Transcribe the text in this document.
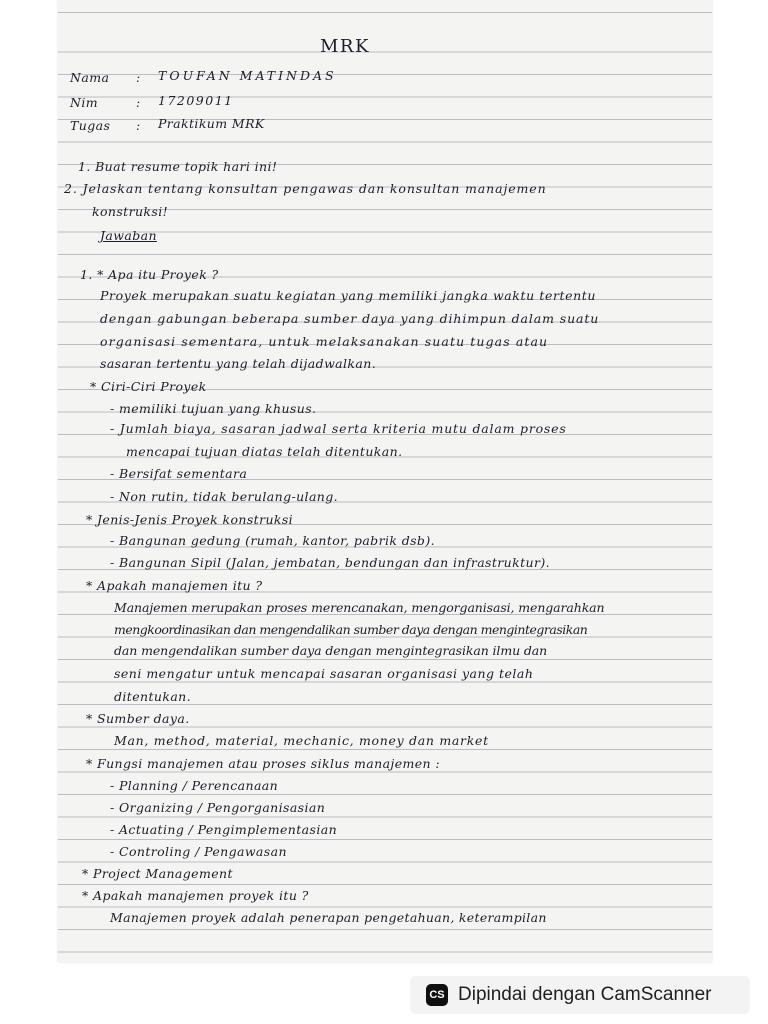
MRK
Nama : TOUFAN MATINDAS
Nim	: 17209011
Tugas : Praktikum MRK
1. Buat resume topik hari ini!
2. Jelaskan tentang konsultan pengawas dan konsultan manajemen
konstruksi!
Jawaban
1. * Apa itu Proyek ?
Proyek merupakan suatu kegiatan yang memiliki jangka waktu tertentu
dengan gabungan beberapa sumber daya yang dihimpun dalam suatu
organisasi sementara, untuk melaksanakan suatu tugas atau
sasaran tertentu yang telah dijadwalkan.
* Ciri-Ciri Proyek
- memiliki tujuan yang khusus.
- Jumlah biaya, sasaran jadwal serta kriteria mutu dalam proses
mencapai tujuan diatas telah ditentukan.
- Bersifat sementara
- Non rutin, tidak berulang-ulang.
* Jenis-Jenis Proyek konstruksi
- Bangunan gedung (rumah, kantor, pabrik dsb).
- Bangunan Sipil (Jalan, jembatan, bendungan dan infrastruktur).
* Apakah manajemen itu ?
Manajemen merupakan proses merencanakan, mengorganisasi, mengarahkan
mengkoordinasikan dan mengendalikan sumber daya dengan mengintegrasikan
dan mengendalikan sumber daya dengan mengintegrasikan ilmu dan
seni mengatur untuk mencapai sasaran organisasi yang telah
ditentukan.
* Sumber daya.
Man, method, material, mechanic, money dan market
* Fungsi manajemen atau proses siklus manajemen :
- Planning / Perencanaan
- Organizing / Pengorganisasian
- Actuating / Pengimplementasian
- Controling / Pengawasan
* Project Management
* Apakah manajemen proyek itu ?
Manajemen proyek adalah penerapan pengetahuan, keterampilan
CS Dipindai dengan CamScanner
